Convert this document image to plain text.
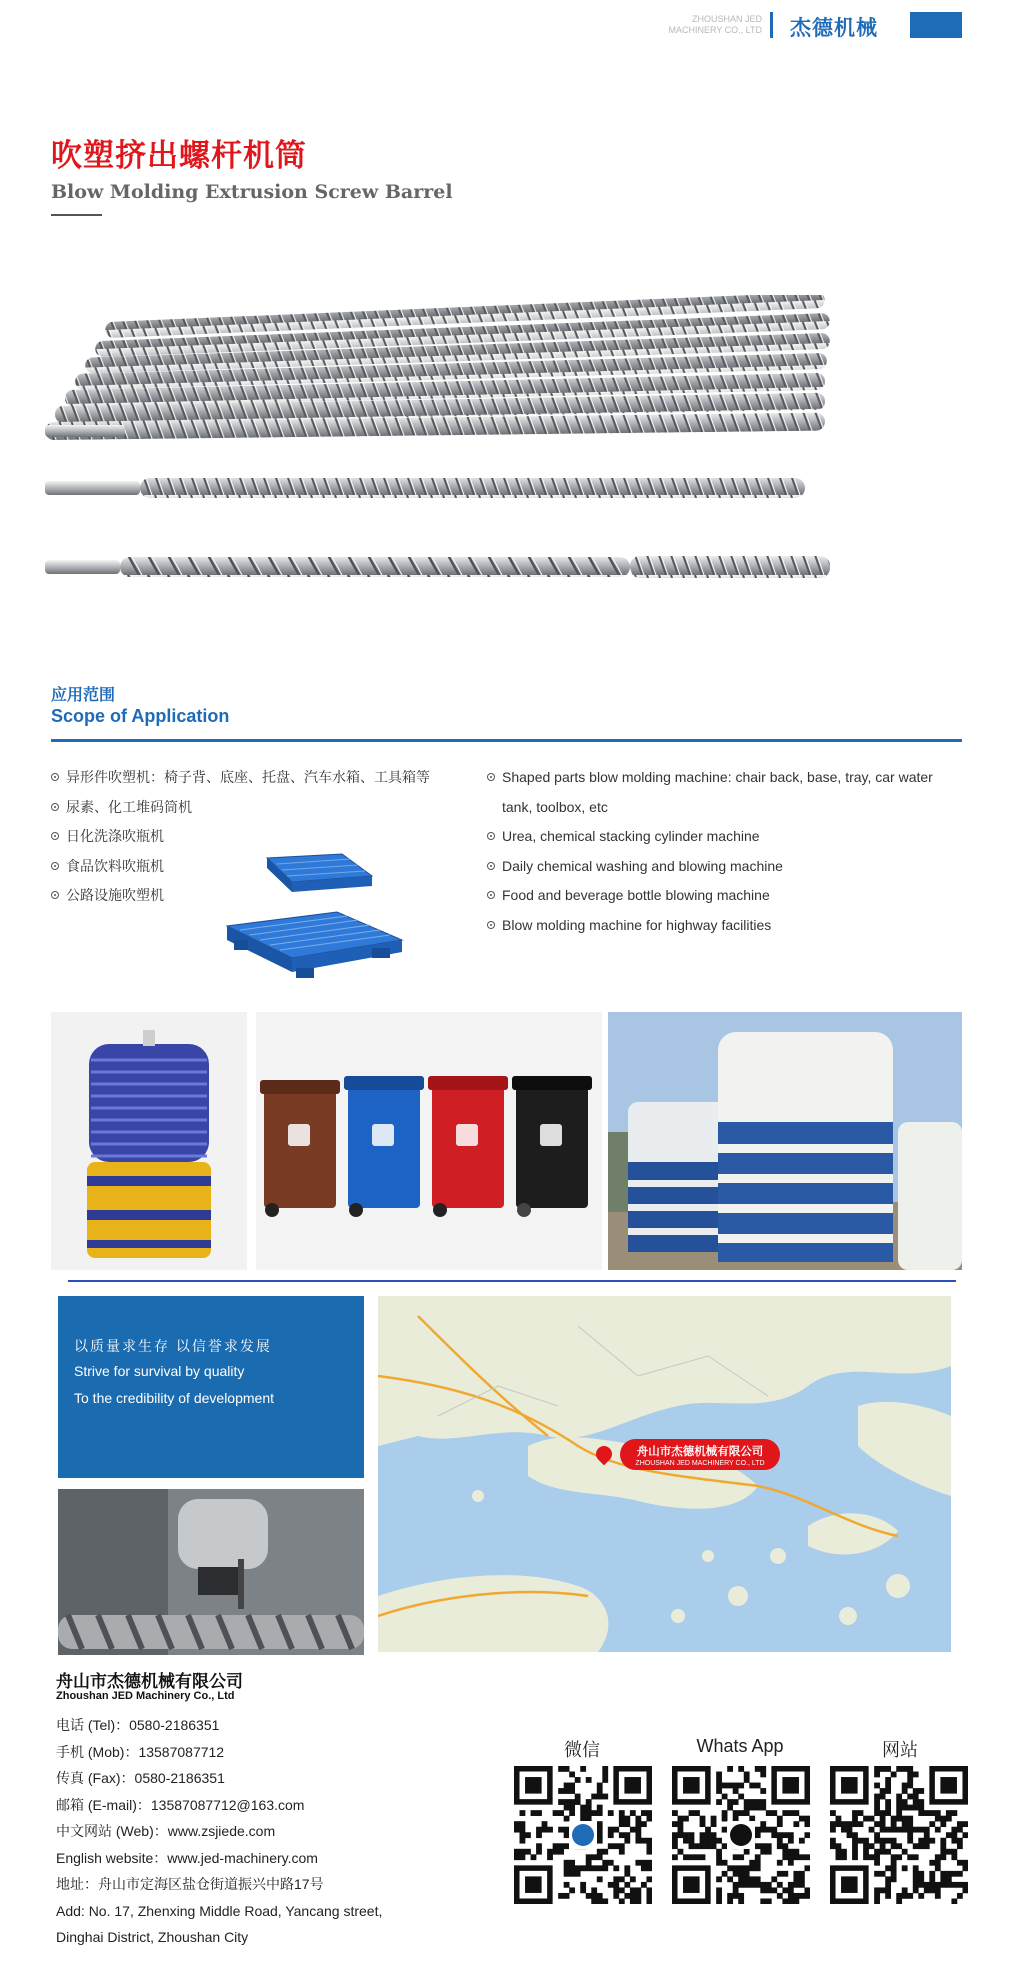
ZHOUSHAN JED
MACHINERY CO., LTD 杰德机械
吹塑挤出螺杆机筒
Blow Molding Extrusion Screw Barrel
应用范围
Scope of Application
异形件吹塑机：椅子背、底座、托盘、汽车水箱、工具箱等
尿素、化工堆码筒机
日化洗涤吹瓶机
食品饮料吹瓶机
公路设施吹塑机
Shaped parts blow molding machine: chair back, base, tray, car water tank, toolbox, etc
Urea, chemical stacking cylinder machine
Daily chemical washing and blowing machine
Food and beverage bottle blowing machine
Blow molding machine for highway facilities
以质量求生存 以信誉求发展
Strive for survival by quality
To the credibility of development
舟山市杰德机械有限公司
ZHOUSHAN JED MACHINERY CO., LTD
舟山市杰德机械有限公司
Zhoushan JED Machinery Co., Ltd
电话 (Tel)：0580-2186351
手机 (Mob)：13587087712
传真 (Fax)：0580-2186351
邮箱 (E-mail)：13587087712@163.com
中文网站 (Web)：www.zsjiede.com
English website：www.jed-machinery.com
地址：舟山市定海区盐仓街道振兴中路17号
Add: No. 17, Zhenxing Middle Road, Yancang street,
Dinghai District, Zhoushan City
微信	Whats App	网站
